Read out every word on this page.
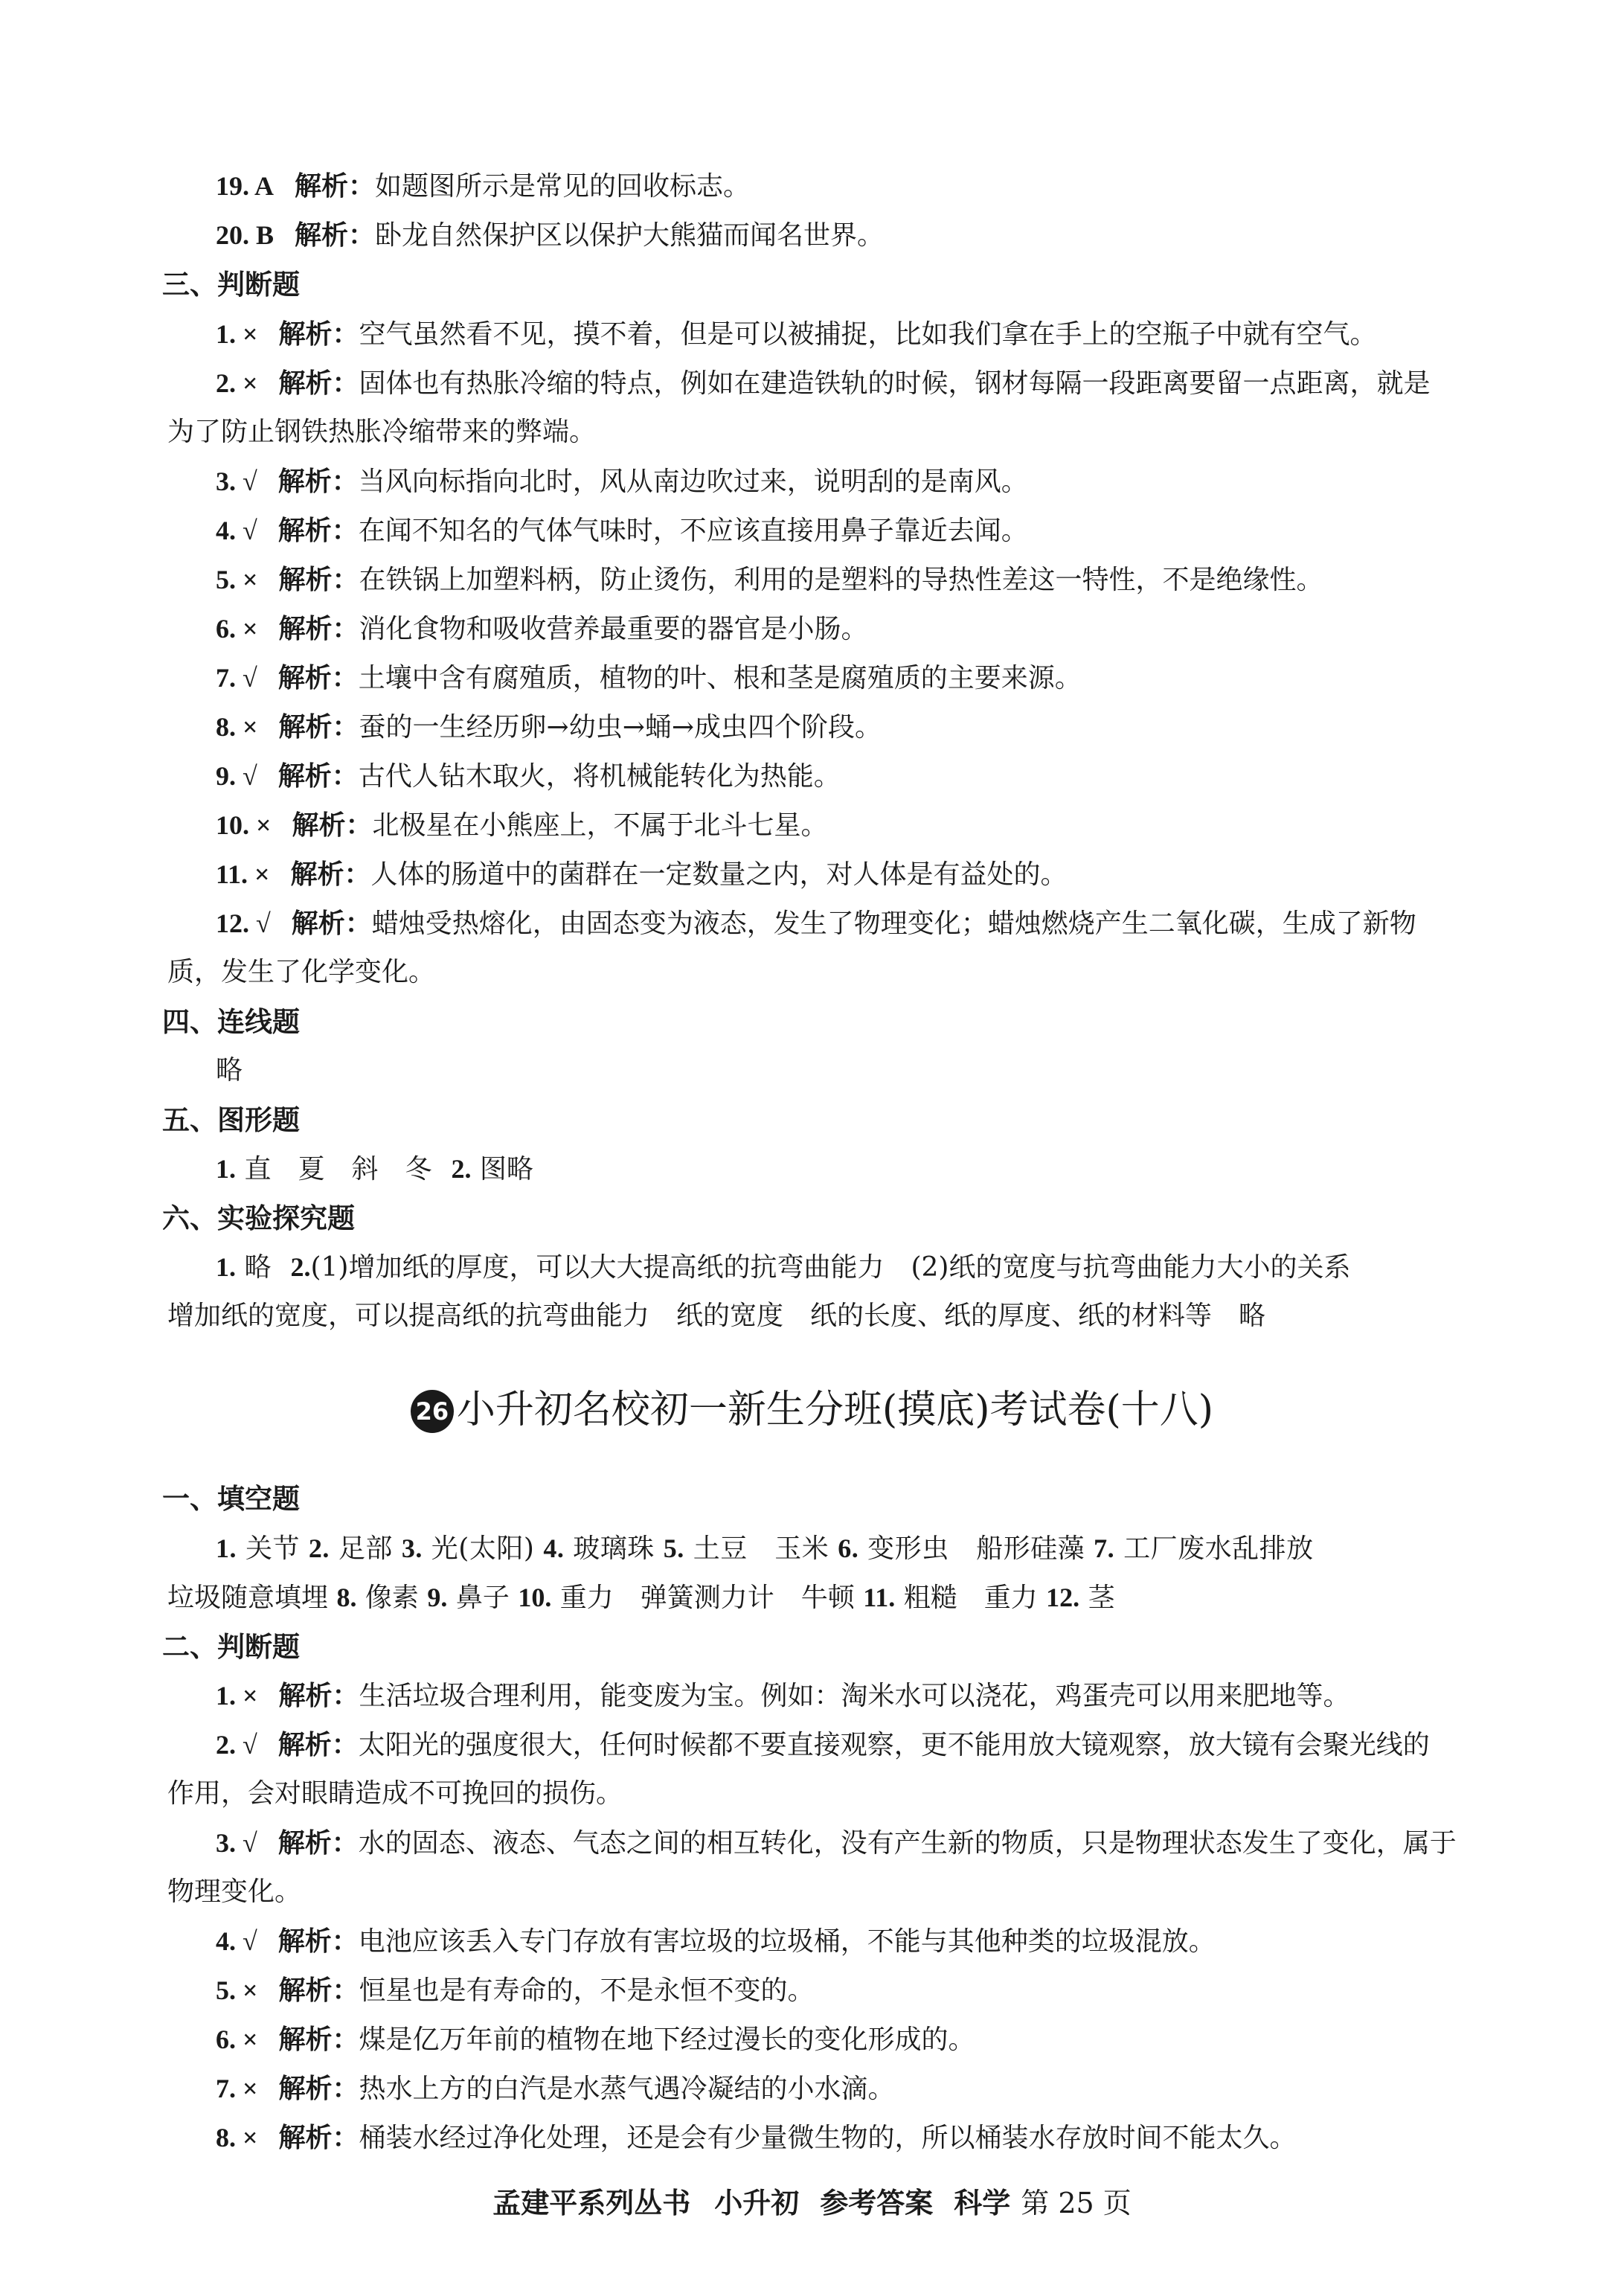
19. A 解析：如题图所示是常见的回收标志。
20. B 解析：卧龙自然保护区以保护大熊猫而闻名世界。
三、判断题
1. × 解析：空气虽然看不见，摸不着，但是可以被捕捉，比如我们拿在手上的空瓶子中就有空气。
2. × 解析：固体也有热胀冷缩的特点，例如在建造铁轨的时候，钢材每隔一段距离要留一点距离，就是
为了防止钢铁热胀冷缩带来的弊端。
3. √ 解析：当风向标指向北时，风从南边吹过来，说明刮的是南风。
4. √ 解析：在闻不知名的气体气味时，不应该直接用鼻子靠近去闻。
5. × 解析：在铁锅上加塑料柄，防止烫伤，利用的是塑料的导热性差这一特性，不是绝缘性。
6. × 解析：消化食物和吸收营养最重要的器官是小肠。
7. √ 解析：土壤中含有腐殖质，植物的叶、根和茎是腐殖质的主要来源。
8. × 解析：蚕的一生经历卵→幼虫→蛹→成虫四个阶段。
9. √ 解析：古代人钻木取火，将机械能转化为热能。
10. × 解析：北极星在小熊座上，不属于北斗七星。
11. × 解析：人体的肠道中的菌群在一定数量之内，对人体是有益处的。
12. √ 解析：蜡烛受热熔化，由固态变为液态，发生了物理变化；蜡烛燃烧产生二氧化碳，生成了新物
质，发生了化学变化。
四、连线题
略
五、图形题
1. 直　夏　斜　冬 2. 图略
六、实验探究题
1. 略 2.(1)增加纸的厚度，可以大大提高纸的抗弯曲能力　(2)纸的宽度与抗弯曲能力大小的关系
增加纸的宽度，可以提高纸的抗弯曲能力　纸的宽度　纸的长度、纸的厚度、纸的材料等　略
26 小升初名校初一新生分班(摸底)考试卷(十八)
一、填空题
1. 关节 2. 足部 3. 光(太阳) 4. 玻璃珠 5. 土豆　玉米 6. 变形虫　船形硅藻 7. 工厂废水乱排放
垃圾随意填埋 8. 像素 9. 鼻子 10. 重力　弹簧测力计　牛顿 11. 粗糙　重力 12. 茎
二、判断题
1. × 解析：生活垃圾合理利用，能变废为宝。例如：淘米水可以浇花，鸡蛋壳可以用来肥地等。
2. √ 解析：太阳光的强度很大，任何时候都不要直接观察，更不能用放大镜观察，放大镜有会聚光线的
作用，会对眼睛造成不可挽回的损伤。
3. √ 解析：水的固态、液态、气态之间的相互转化，没有产生新的物质，只是物理状态发生了变化，属于
物理变化。
4. √ 解析：电池应该丢入专门存放有害垃圾的垃圾桶，不能与其他种类的垃圾混放。
5. × 解析：恒星也是有寿命的，不是永恒不变的。
6. × 解析：煤是亿万年前的植物在地下经过漫长的变化形成的。
7. × 解析：热水上方的白汽是水蒸气遇冷凝结的小水滴。
8. × 解析：桶装水经过净化处理，还是会有少量微生物的，所以桶装水存放时间不能太久。
孟建平系列丛书 小升初 参考答案 科学 第 25 页
